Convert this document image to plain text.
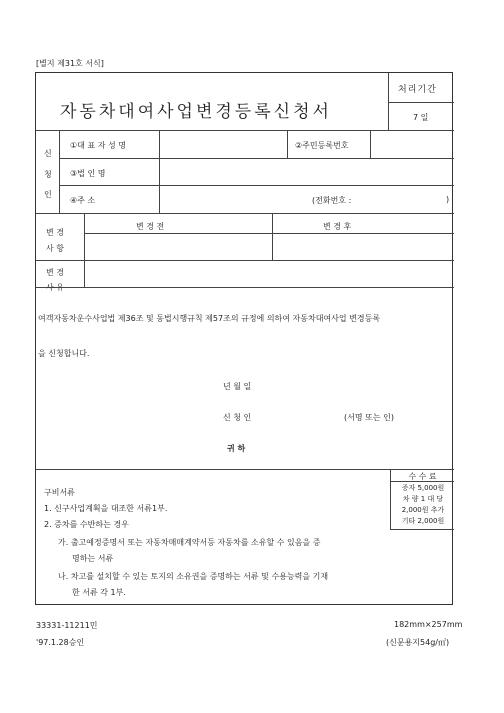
[별지 제31호 서식]
자동차대여사업변경등록신청서
처리기간
7 일
신
청
인
①대 표 자 성 명	②주민등록번호
③법 인 명
④주 소	(전화번호 :	)
변 경
사 항
변 경 전	변 경 후
변 경
사 유
여객자동차운수사업법 제36조 및 동법시행규칙 제57조의 규정에 의하여 자동차대여사업 변경등록
을 신청합니다.
년 월 일
신 청 인	(서명 또는 인)
귀 하
구비서류
1. 신구사업계획을 대조한 서류1부.
2. 증차를 수반하는 경우
가. 출고예정증명서 또는 자동차매매계약서등 자동차를 소유할 수 있음을 증
명하는 서류
나. 차고를 설치할 수 있는 토지의 소유권을 증명하는 서류 및 수용능력을 기재
한 서류 각 1부.
수 수 료
증자 5,000원
차 량 1 대 당
2,000원 추가
기타 2,000원
33331-11211민
'97.1.28승인
182mm×257mm
(신문용지54g/㎡)
